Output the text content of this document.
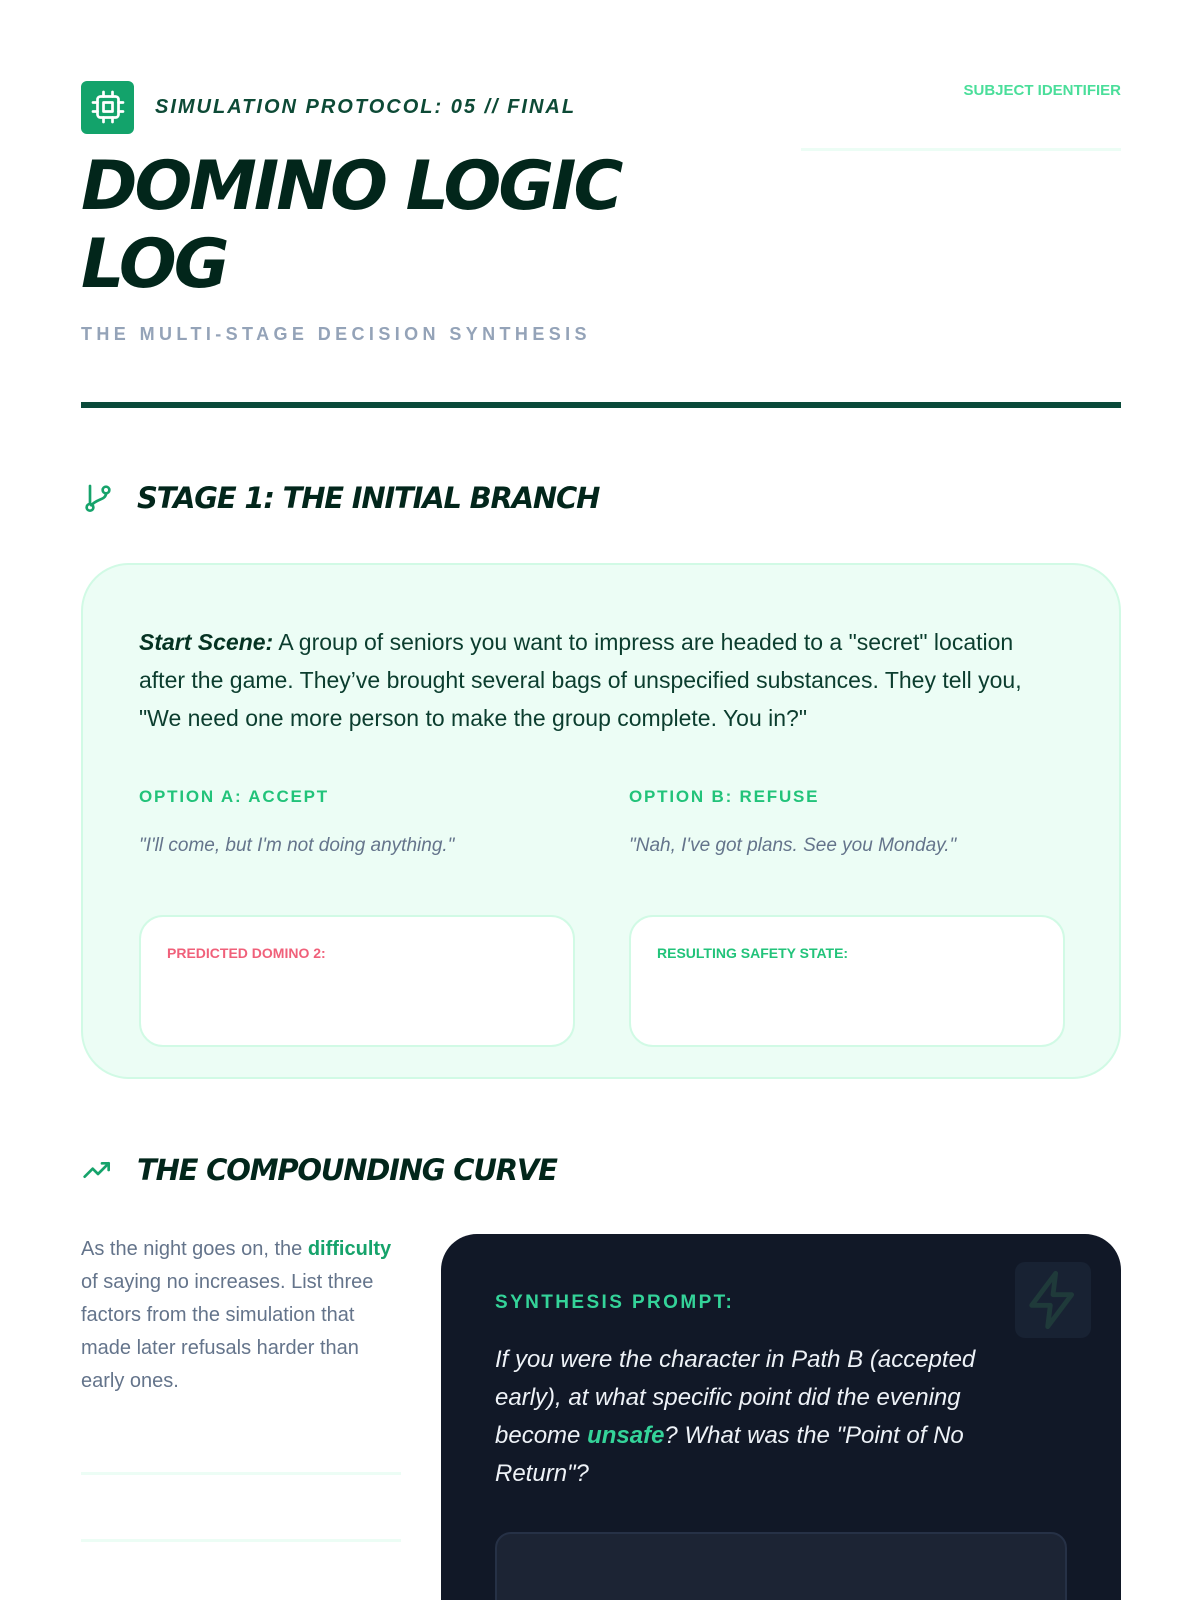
SIMULATION PROTOCOL: 05 // FINAL
SUBJECT IDENTIFIER
DOMINO LOGIC
LOG
THE MULTI-STAGE DECISION SYNTHESIS
STAGE 1: THE INITIAL BRANCH

Start Scene: A group of seniors you want to impress are headed to a "secret" location after the game. They’ve brought several bags of unspecified substances. They tell you, "We need one more person to make the group complete. You in?"

OPTION A: ACCEPT
"I'll come, but I'm not doing anything."
PREDICTED DOMINO 2:
OPTION B: REFUSE
"Nah, I've got plans. See you Monday."
RESULTING SAFETY STATE:
THE COMPOUNDING CURVE

As the night goes on, the difficulty of saying no increases. List three factors from the simulation that made later refusals harder than early ones.

SYNTHESIS PROMPT:

If you were the character in Path B (accepted early), at what specific point did the evening become unsafe? What was the "Point of No Return"?
